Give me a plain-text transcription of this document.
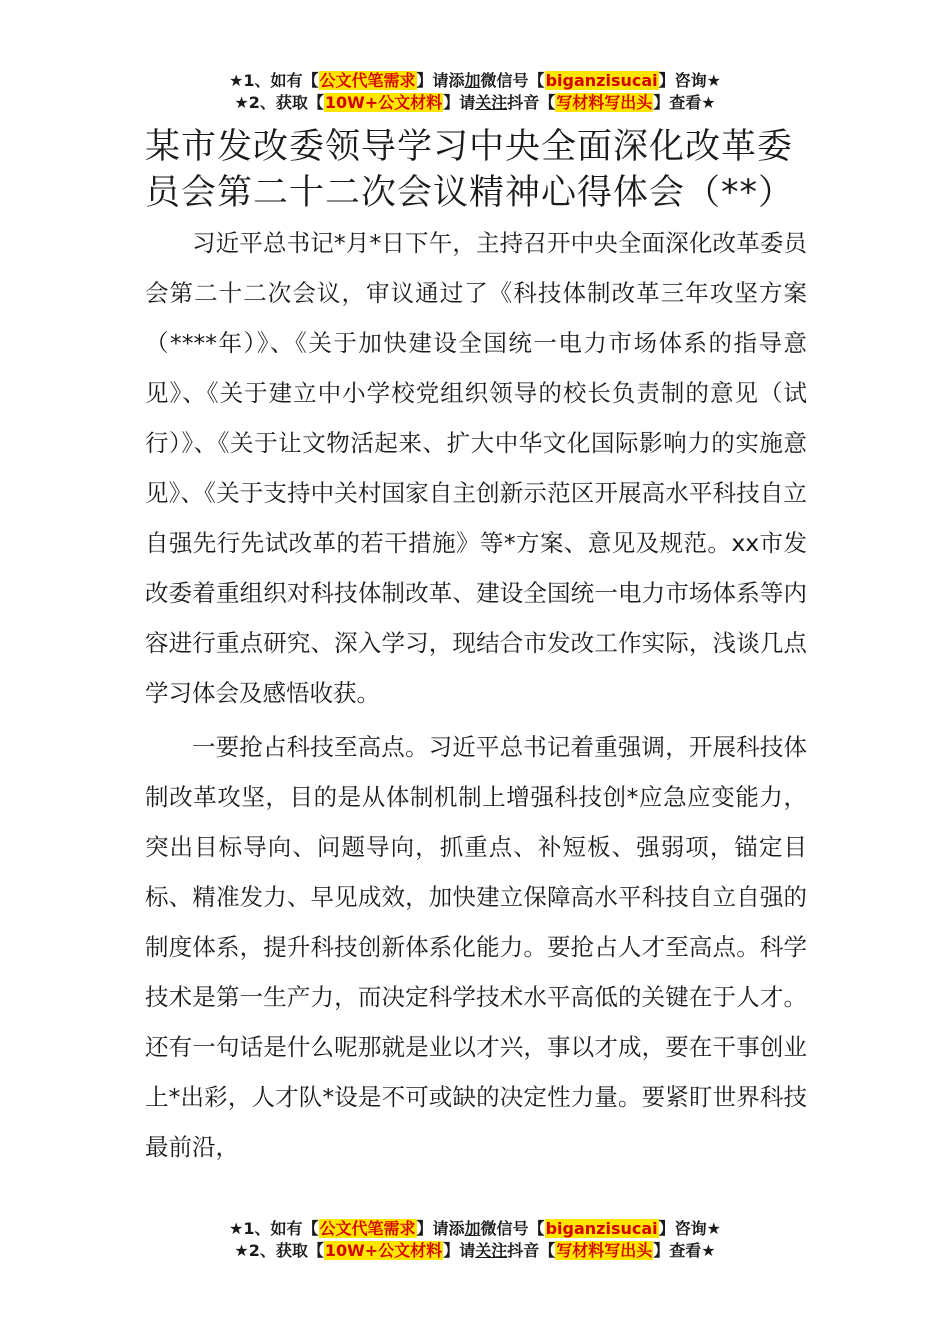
★1、如有【公文代笔需求】请添加微信号【biganzisucai】咨询★
★2、获取【10W+公文材料】请关注抖音【写材料写出头】查看★
某市发改委领导学习中央全面深化改革委员会第二十二次会议精神心得体会（**）

习近平总书记*月*日下午，主持召开中央全面深化改革委员会第二十二次会议，审议通过了《科技体制改革三年攻坚方案（****年）》、《关于加快建设全国统一电力市场体系的指导意见》、《关于建立中小学校党组织领导的校长负责制的意见（试行）》、《关于让文物活起来、扩大中华文化国际影响力的实施意见》、《关于支持中关村国家自主创新示范区开展高水平科技自立自强先行先试改革的若干措施》等*方案、意见及规范。xx市发改委着重组织对科技体制改革、建设全国统一电力市场体系等内容进行重点研究、深入学习，现结合市发改工作实际，浅谈几点学习体会及感悟收获。

一要抢占科技至高点。习近平总书记着重强调，开展科技体制改革攻坚，目的是从体制机制上增强科技创*应急应变能力，突出目标导向、问题导向，抓重点、补短板、强弱项，锚定目标、精准发力、早见成效，加快建立保障高水平科技自立自强的制度体系，提升科技创新体系化能力。要抢占人才至高点。科学技术是第一生产力，而决定科学技术水平高低的关键在于人才。还有一句话是什么呢那就是业以才兴，事以才成，要在干事创业上*出彩，人才队*设是不可或缺的决定性力量。要紧盯世界科技最前沿，

★1、如有【公文代笔需求】请添加微信号【biganzisucai】咨询★
★2、获取【10W+公文材料】请关注抖音【写材料写出头】查看★
